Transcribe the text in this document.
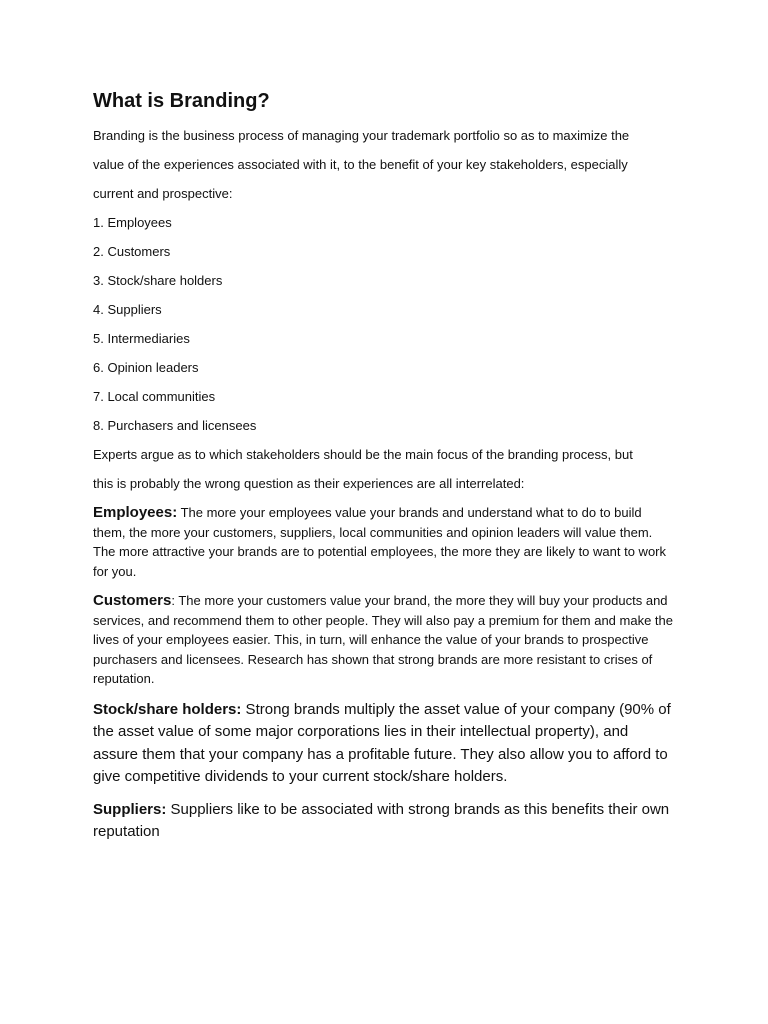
What is Branding?
Branding is the business process of managing your trademark portfolio so as to maximize the
value of the experiences associated with it, to the benefit of your key stakeholders, especially
current and prospective:
1. Employees
2. Customers
3. Stock/share holders
4. Suppliers
5. Intermediaries
6. Opinion leaders
7. Local communities
8. Purchasers and licensees
Experts argue as to which stakeholders should be the main focus of the branding process, but
this is probably the wrong question as their experiences are all interrelated:
Employees: The more your employees value your brands and understand what to do to build them, the more your customers, suppliers, local communities and opinion leaders will value them. The more attractive your brands are to potential employees, the more they are likely to want to work for you.
Customers: The more your customers value your brand, the more they will buy your products and services, and recommend them to other people. They will also pay a premium for them and make the lives of your employees easier. This, in turn, will enhance the value of your brands to prospective purchasers and licensees. Research has shown that strong brands are more resistant to crises of reputation.
Stock/share holders: Strong brands multiply the asset value of your company (90% of the asset value of some major corporations lies in their intellectual property), and assure them that your company has a profitable future. They also allow you to afford to give competitive dividends to your current stock/share holders.
Suppliers: Suppliers like to be associated with strong brands as this benefits their own reputation
